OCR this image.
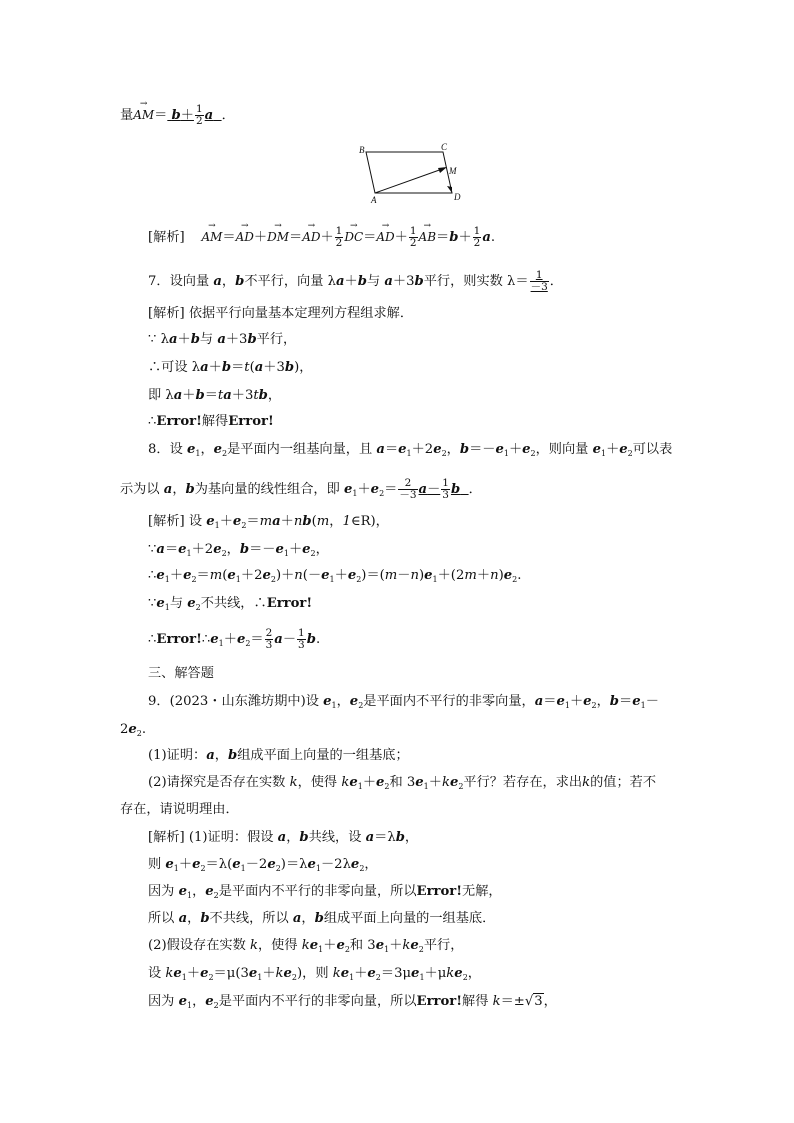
量→ $AM= b+ \frac{1}{2}$ a ．
B	C
M
A	D
[解析]    → $AM=\to AD+\to DM=\to AD+ \frac{1}{2}$
→ $DC=\to AD+ \frac{1}{2}$
→ $AB=b+ \frac{1}{2} a$.
7．设向量 a，b不平行，向量 λa＋b与 a＋3b平行，则实数 $\lambda= \frac{1}{-3}$ ．
[解析] 依据平行向量基本定理列方程组求解．
∵ λa＋b与 a＋3b平行，
∴可设 λa＋b＝t(a＋3b)，
即 λa＋b＝ta＋3tb，
∴Error!解得Error!
8．设 $e_1$，$e_2$是平面内一组基向量，且 $a=e_1+2e_2$，$b=-e_1+e_2$，则向量 $e_1+e_2$可以表
示为以 a，b为基向量的线性组合，即 $e_1+e_2= \frac{2}{-3} a- \frac{1}{3}$ b ．
[解析] 设 $e_1+e_2=ma+nb(m$，1∈R)，
$\because a=e_1+2e_2$，$b=-e_1+e_2$，
$\therefore e_1+e_2=m(e_1+2e_2)+n(-e_1+e_2)=(m-n)e_1+(2m+n)e_2$.
$\because e_1$与 $e_2$不共线，∴Error!
$\therefore Error!\therefore e_1+e_2= \frac{2}{3} a- \frac{1}{3} b$.
三、解答题
9．(2023・山东潍坊期中)设 $e_1$，$e_2$是平面内不平行的非零向量，$a=e_1+e_2$，$b=e_1-$
$2e_2$.
(1)证明：a，b组成平面上向量的一组基底；
(2)请探究是否存在实数 k，使得 $ke_1+e_2$和 $3e_1+ke_2$平行？若存在，求出k的值；若不
存在，请说明理由．
[解析] (1)证明：假设 a，b共线，设 a＝λb，
则 $e_1+e_2=\lambda(e_1-2e_2)=\lambda e_1-2\lambda e_2$，
因为 $e_1$，$e_2$是平面内不平行的非零向量，所以Error!无解，
所以 a，b不共线，所以 a，b组成平面上向量的一组基底．
(2)假设存在实数 k，使得 $ke_1+e_2$和 $3e_1+ke_2$平行，
设 $ke_1+e_2=\mu(3e_1+ke_2)$，则 $ke_1+e_2=3\mu e_1+\mu ke_2$，
因为 $e_1$，$e_2$是平面内不平行的非零向量，所以Error!解得 k＝±√3，
